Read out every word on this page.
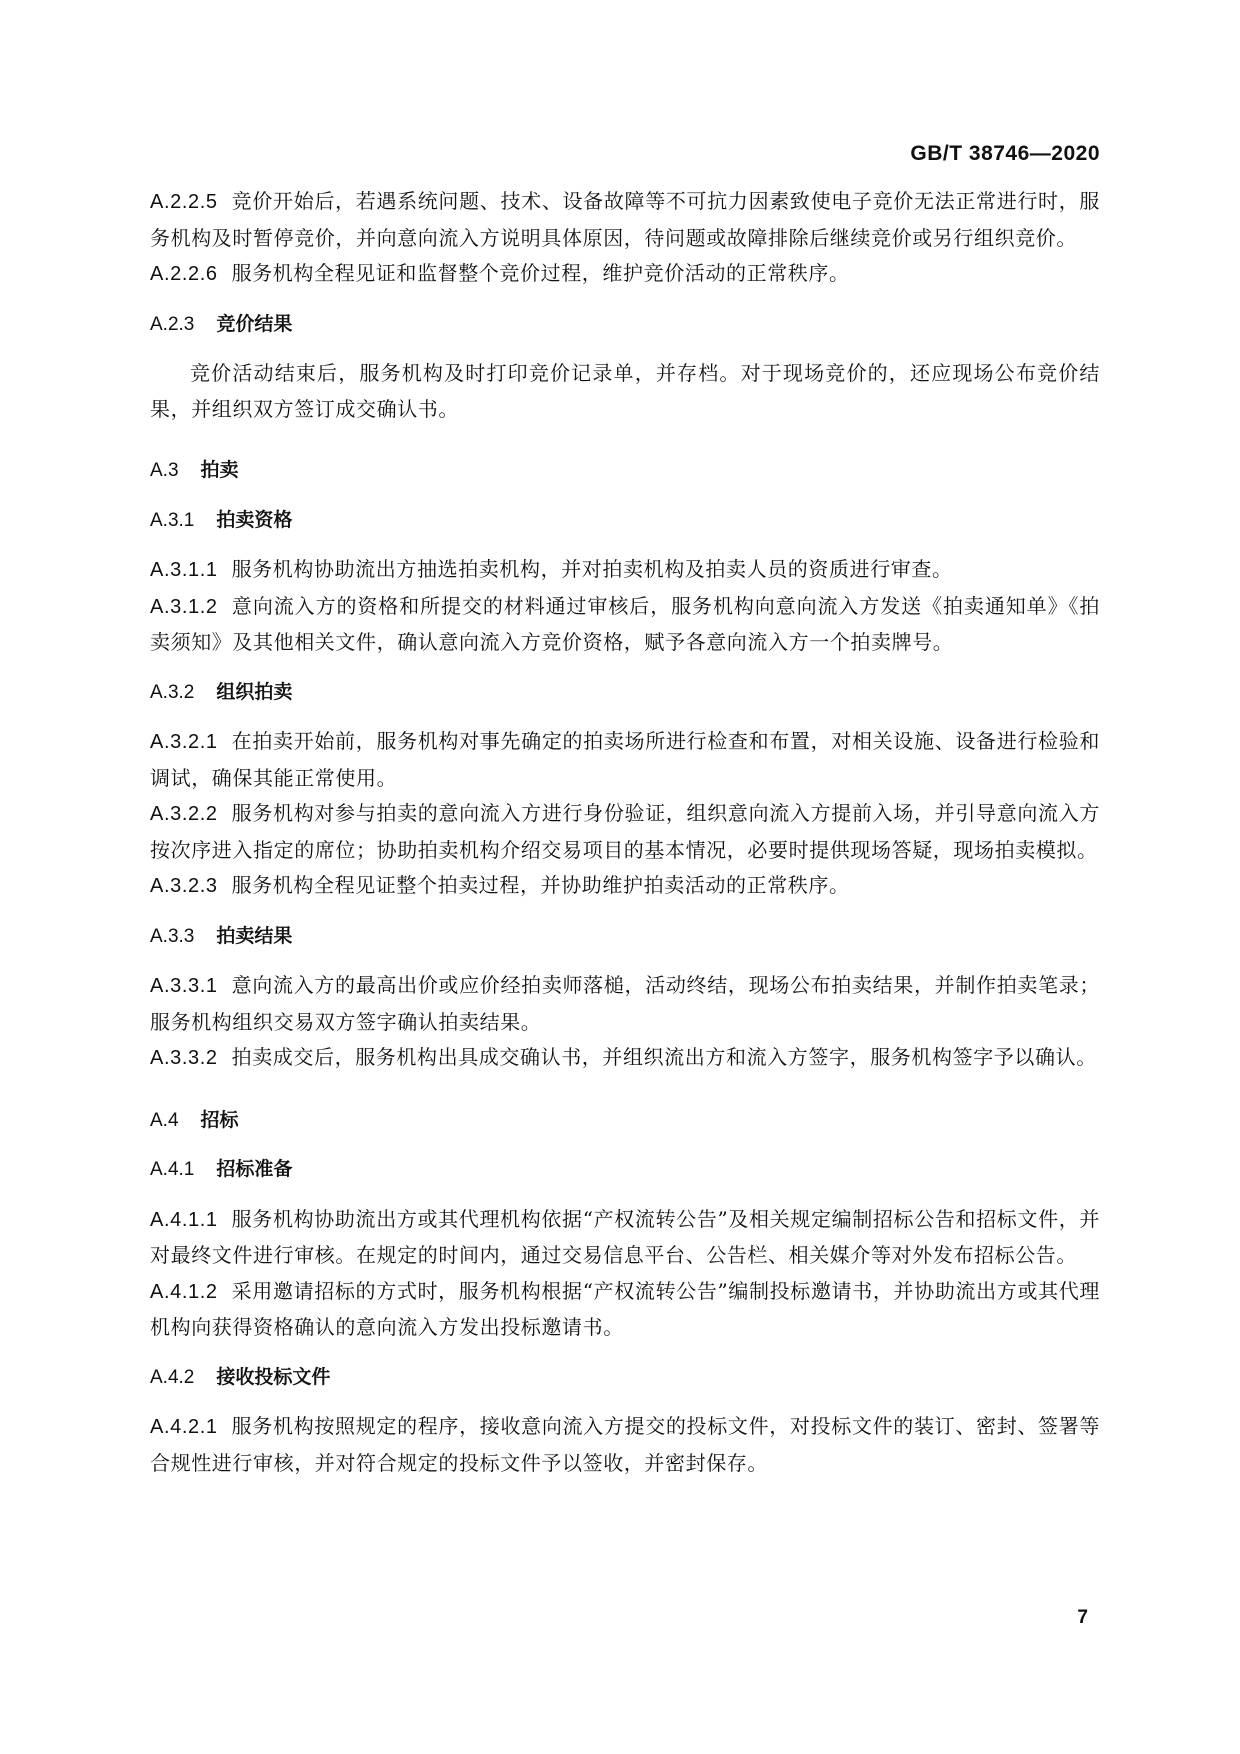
GB/T 38746—2020
A.2.2.5 竞价开始后，若遇系统问题、技术、设备故障等不可抗力因素致使电子竞价无法正常进行时，服务机构及时暂停竞价，并向意向流入方说明具体原因，待问题或故障排除后继续竞价或另行组织竞价。
A.2.2.6 服务机构全程见证和监督整个竞价过程，维护竞价活动的正常秩序。
A.2.3 竞价结果
竞价活动结束后，服务机构及时打印竞价记录单，并存档。对于现场竞价的，还应现场公布竞价结果，并组织双方签订成交确认书。
A.3 拍卖
A.3.1 拍卖资格
A.3.1.1 服务机构协助流出方抽选拍卖机构，并对拍卖机构及拍卖人员的资质进行审查。
A.3.1.2 意向流入方的资格和所提交的材料通过审核后，服务机构向意向流入方发送《拍卖通知单》《拍卖须知》及其他相关文件，确认意向流入方竞价资格，赋予各意向流入方一个拍卖牌号。
A.3.2 组织拍卖
A.3.2.1 在拍卖开始前，服务机构对事先确定的拍卖场所进行检查和布置，对相关设施、设备进行检验和调试，确保其能正常使用。
A.3.2.2 服务机构对参与拍卖的意向流入方进行身份验证，组织意向流入方提前入场，并引导意向流入方按次序进入指定的席位；协助拍卖机构介绍交易项目的基本情况，必要时提供现场答疑，现场拍卖模拟。
A.3.2.3 服务机构全程见证整个拍卖过程，并协助维护拍卖活动的正常秩序。
A.3.3 拍卖结果
A.3.3.1 意向流入方的最高出价或应价经拍卖师落槌，活动终结，现场公布拍卖结果，并制作拍卖笔录；服务机构组织交易双方签字确认拍卖结果。
A.3.3.2 拍卖成交后，服务机构出具成交确认书，并组织流出方和流入方签字，服务机构签字予以确认。
A.4 招标
A.4.1 招标准备
A.4.1.1 服务机构协助流出方或其代理机构依据“产权流转公告”及相关规定编制招标公告和招标文件，并对最终文件进行审核。在规定的时间内，通过交易信息平台、公告栏、相关媒介等对外发布招标公告。
A.4.1.2 采用邀请招标的方式时，服务机构根据“产权流转公告”编制投标邀请书，并协助流出方或其代理机构向获得资格确认的意向流入方发出投标邀请书。
A.4.2 接收投标文件
A.4.2.1 服务机构按照规定的程序，接收意向流入方提交的投标文件，对投标文件的装订、密封、签署等合规性进行审核，并对符合规定的投标文件予以签收，并密封保存。
7
